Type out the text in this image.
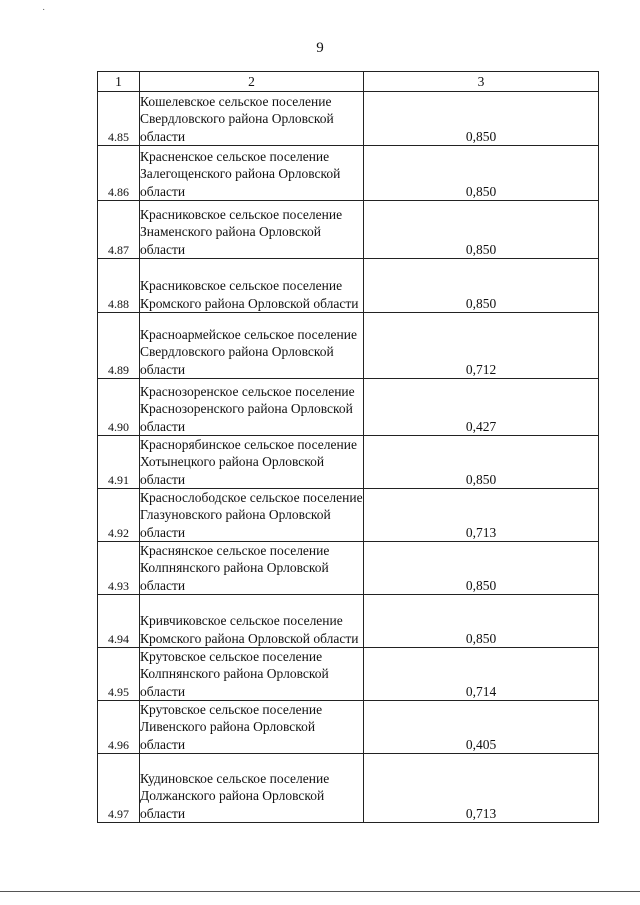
˙
9
1	2	3
4.85	Кошелевское сельское поселение Свердловского района Орловской области	0,850
4.86	Красненское сельское поселение Залегощенского района Орловской области	0,850
4.87	Красниковское сельское поселение Знаменского района Орловской области	0,850
4.88	Красниковское сельское поселение Кромского района Орловской области	0,850
4.89	Красноармейское сельское поселение Свердловского района Орловской области	0,712
4.90	Краснозоренское сельское поселение Краснозоренского района Орловской области	0,427
4.91	Краснорябинское сельское поселение Хотынецкого района Орловской области	0,850
4.92	Краснослободское сельское поселение Глазуновского района Орловской области	0,713
4.93	Краснянское сельское поселение Колпнянского района Орловской области	0,850
4.94	Кривчиковское сельское поселение Кромского района Орловской области	0,850
4.95	Крутовское сельское поселение Колпнянского района Орловской области	0,714
4.96	Крутовское сельское поселение Ливенского района Орловской области	0,405
4.97	Кудиновское сельское поселение Должанского района Орловской области	0,713
